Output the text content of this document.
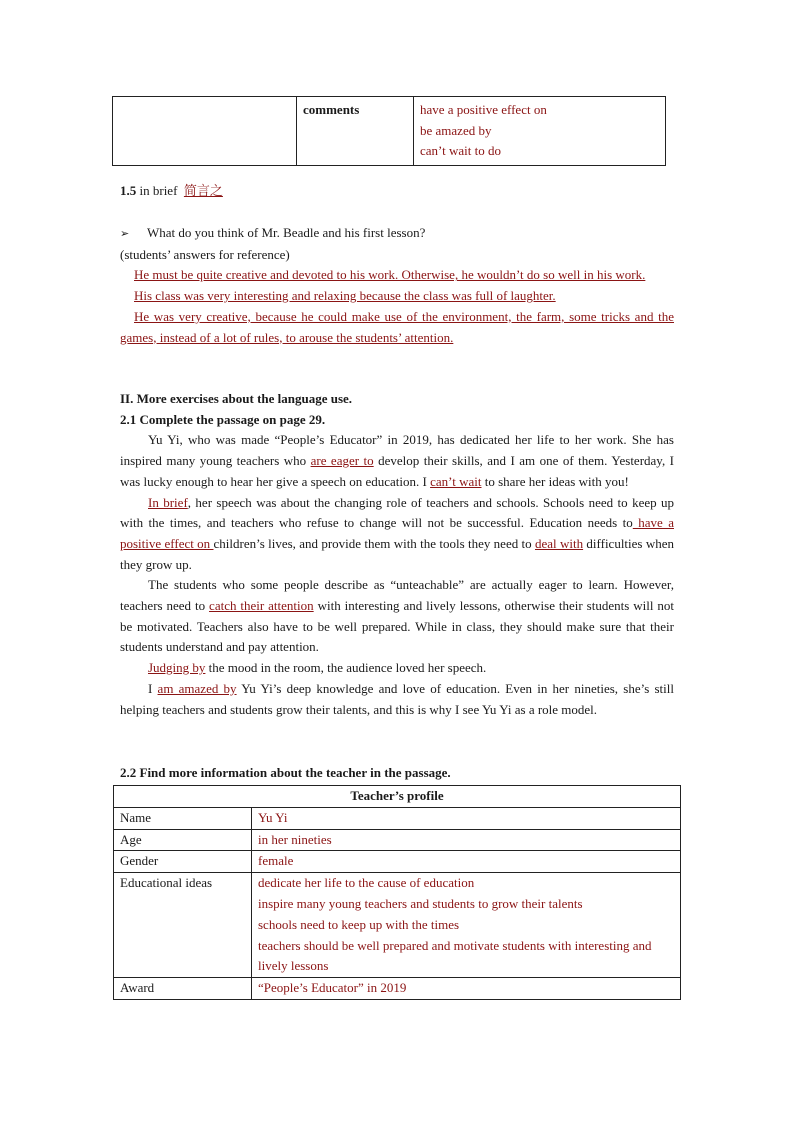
	comments	have a positive effect on
be amazed by
can’t wait to do
1.5 in brief 简言之
➢	What do you think of Mr. Beadle and his first lesson?
(students’ answers for reference)
He must be quite creative and devoted to his work. Otherwise, he wouldn’t do so well in his work.
His class was very interesting and relaxing because the class was full of laughter.
He was very creative, because he could make use of the environment, the farm, some tricks and the games, instead of a lot of rules, to arouse the students’ attention.
II. More exercises about the language use.
2.1 Complete the passage on page 29.
Yu Yi, who was made “People’s Educator” in 2019, has dedicated her life to her work. She has inspired many young teachers who are eager to develop their skills, and I am one of them. Yesterday, I was lucky enough to hear her give a speech on education. I can’t wait to share her ideas with you!
In brief, her speech was about the changing role of teachers and schools. Schools need to keep up with the times, and teachers who refuse to change will not be successful. Education needs to have a positive effect on children’s lives, and provide them with the tools they need to deal with difficulties when they grow up.
The students who some people describe as “unteachable” are actually eager to learn. However, teachers need to catch their attention with interesting and lively lessons, otherwise their students will not be motivated. Teachers also have to be well prepared. While in class, they should make sure that their students understand and pay attention.
Judging by the mood in the room, the audience loved her speech.
I am amazed by Yu Yi’s deep knowledge and love of education. Even in her nineties, she’s still helping teachers and students grow their talents, and this is why I see Yu Yi as a role model.
2.2 Find more information about the teacher in the passage.
Teacher’s profile	
Name	Yu Yi
Age	in her nineties
Gender	female
Educational ideas	dedicate her life to the cause of education
inspire many young teachers and students to grow their talents
schools need to keep up with the times
teachers should be well prepared and motivate students with interesting and lively lessons

Award	“People’s Educator” in 2019
